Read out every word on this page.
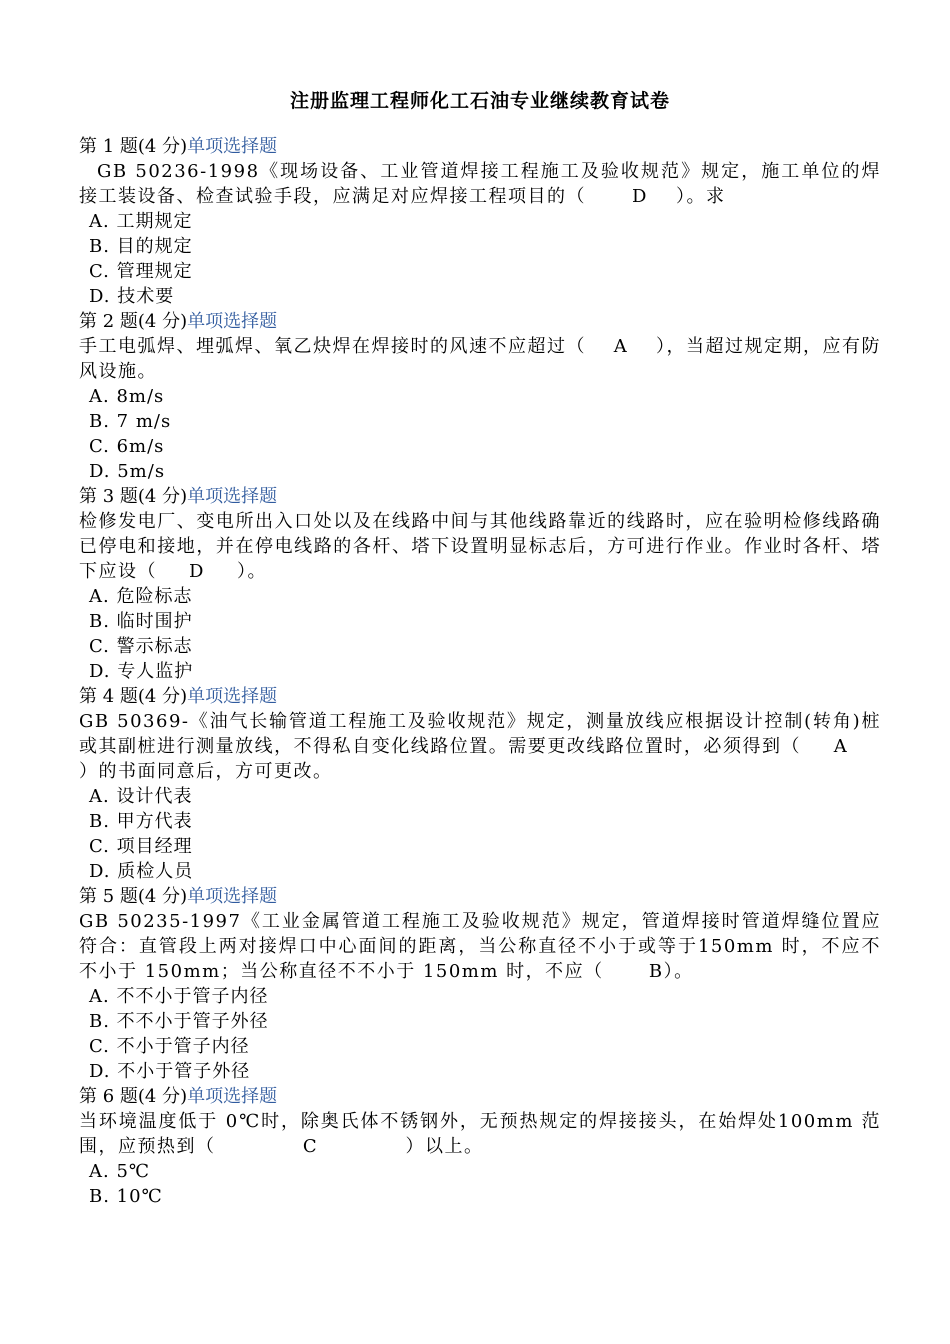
注册监理工程师化工石油专业继续教育试卷
第 1 题(4 分)单项选择题
GB 50236-1998《现场设备、工业管道焊接工程施工及验收规范》规定，施工单位的焊接工装设备、检查试验手段，应满足对应焊接工程项目的（	D ）。求
A. 工期规定
B. 目的规定
C. 管理规定
D. 技术要
第 2 题(4 分)单项选择题
手工电弧焊、埋弧焊、氧乙炔焊在焊接时的风速不应超过（ A ），当超过规定期，应有防风设施。
A. 8m/s
B. 7 m/s
C. 6m/s
D. 5m/s
第 3 题(4 分)单项选择题
检修发电厂、变电所出入口处以及在线路中间与其他线路靠近的线路时，应在验明检修线路确已停电和接地，并在停电线路的各杆、塔下设置明显标志后，方可进行作业。作业时各杆、塔下应设（ D ）。
A. 危险标志
B. 临时围护
C. 警示标志
D. 专人监护
第 4 题(4 分)单项选择题
GB 50369-《油气长输管道工程施工及验收规范》规定，测量放线应根据设计控制(转角)桩或其副桩进行测量放线，不得私自变化线路位置。需要更改线路位置时，必须得到（ A）的书面同意后，方可更改。
A. 设计代表
B. 甲方代表
C. 项目经理
D. 质检人员
第 5 题(4 分)单项选择题
GB 50235-1997《工业金属管道工程施工及验收规范》规定，管道焊接时管道焊缝位置应符合：直管段上两对接焊口中心面间的距离，当公称直径不小于或等于150mm 时，不应不不小于 150mm；当公称直径不不小于 150mm 时，不应（	B）。
A. 不不小于管子内径
B. 不不小于管子外径
C. 不小于管子内径
D. 不小于管子外径
第 6 题(4 分)单项选择题
当环境温度低于 0℃时，除奥氏体不锈钢外，无预热规定的焊接接头，在始焊处100mm 范围，应预热到（	C	）以上。
A. 5℃
B. 10℃
